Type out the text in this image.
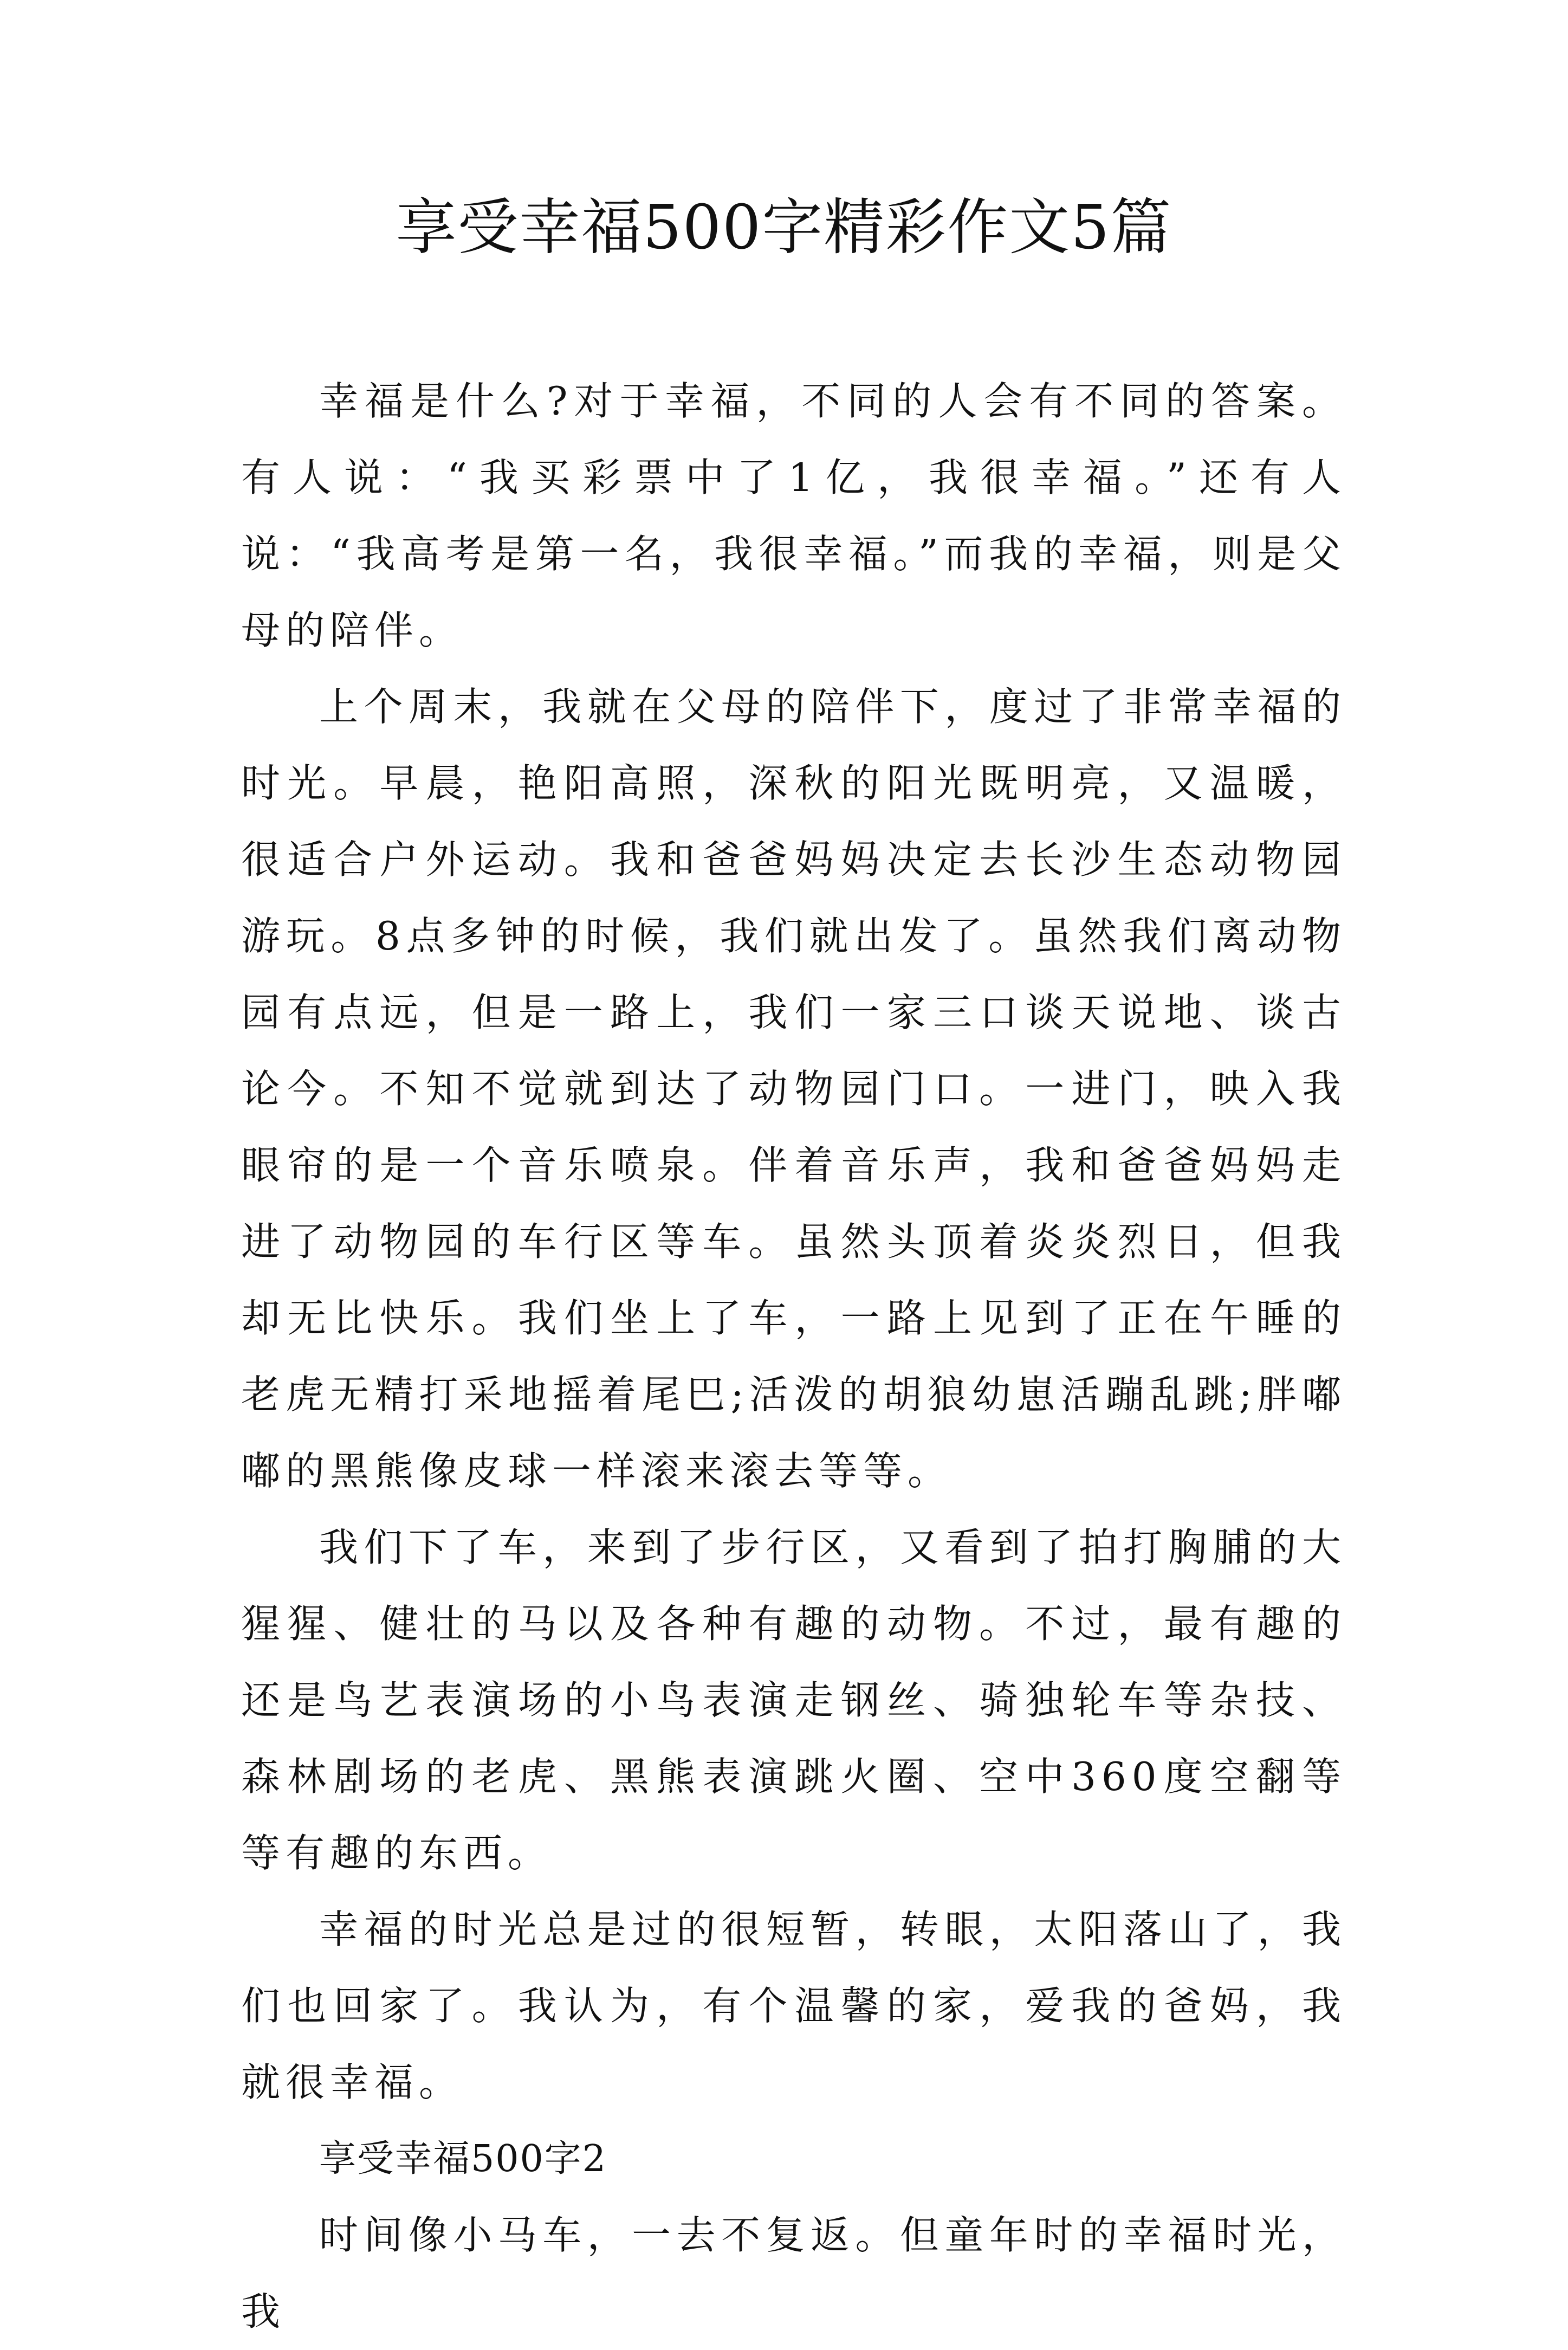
享受幸福500字精彩作文5篇

幸福是什么?对于幸福，不同的人会有不同的答案。有人说：“我买彩票中了1亿，我很幸福。”还有人说：“我高考是第一名，我很幸福。”而我的幸福，则是父母的陪伴。

上个周末，我就在父母的陪伴下，度过了非常幸福的时光。早晨，艳阳高照，深秋的阳光既明亮，又温暖，很适合户外运动。我和爸爸妈妈决定去长沙生态动物园游玩。8点多钟的时候，我们就出发了。虽然我们离动物园有点远，但是一路上，我们一家三口谈天说地、谈古论今。不知不觉就到达了动物园门口。一进门，映入我眼帘的是一个音乐喷泉。伴着音乐声，我和爸爸妈妈走进了动物园的车行区等车。虽然头顶着炎炎烈日，但我却无比快乐。我们坐上了车，一路上见到了正在午睡的老虎无精打采地摇着尾巴;活泼的胡狼幼崽活蹦乱跳;胖嘟嘟的黑熊像皮球一样滚来滚去等等。

我们下了车，来到了步行区，又看到了拍打胸脯的大猩猩、健壮的马以及各种有趣的动物。不过，最有趣的还是鸟艺表演场的小鸟表演走钢丝、骑独轮车等杂技、森林剧场的老虎、黑熊表演跳火圈、空中360度空翻等等有趣的东西。

幸福的时光总是过的很短暂，转眼，太阳落山了，我们也回家了。我认为，有个温馨的家，爱我的爸妈，我就很幸福。

享受幸福500字2

时间像小马车，一去不复返。但童年时的幸福时光，我
